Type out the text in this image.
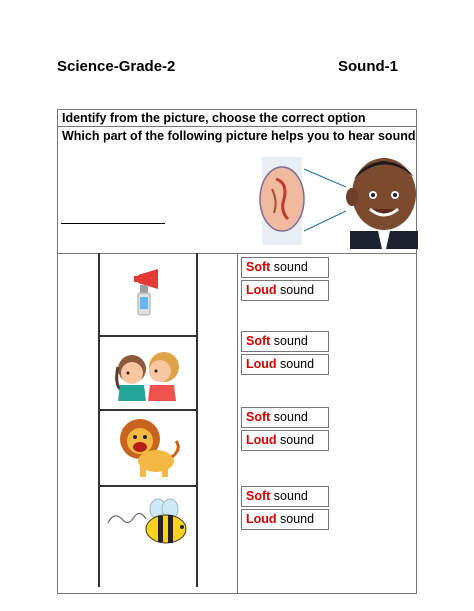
Science-Grade-2	Sound-1
Identify from the picture, choose the correct option
Which part of the following picture helps you to hear sound
Soft sound
Loud sound
Soft sound
Loud sound
Soft sound
Loud sound
Soft sound
Loud sound
